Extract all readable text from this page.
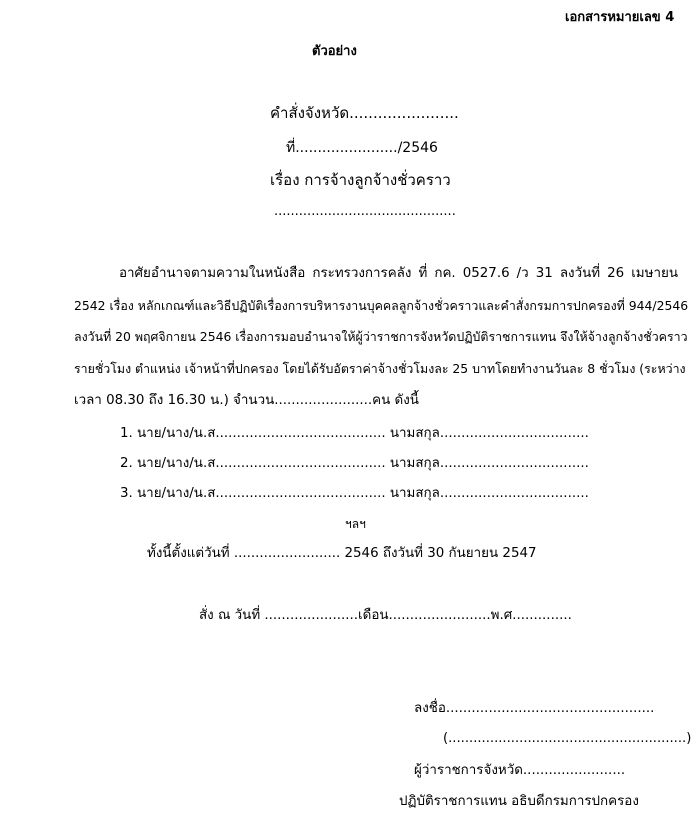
เอกสารหมายเลข 4
ตัวอย่าง
คำสั่งจังหวัด.......................
ที่......................./2546
เรื่อง การจ้างลูกจ้างชั่วคราว
............................................
อาศัยอำนาจตามความในหนังสือ กระทรวงการคลัง ที่ กค. 0527.6 /ว 31 ลงวันที่ 26 เมษายน
2542 เรื่อง หลักเกณฑ์และวิธีปฏิบัติเรื่องการบริหารงานบุคคลลูกจ้างชั่วคราวและคำสั่งกรมการปกครองที่ 944/2546
ลงวันที่ 20 พฤศจิกายน 2546 เรื่องการมอบอำนาจให้ผู้ว่าราชการจังหวัดปฏิบัติราชการแทน จึงให้จ้างลูกจ้างชั่วคราว
รายชั่วโมง ตำแหน่ง เจ้าหน้าที่ปกครอง โดยได้รับอัตราค่าจ้างชั่วโมงละ 25 บาทโดยทำงานวันละ 8 ชั่วโมง (ระหว่าง
เวลา 08.30 ถึง 16.30 น.) จำนวน.......................คน ดังนี้
1. นาย/นาง/น.ส........................................ นามสกุล...................................
2. นาย/นาง/น.ส........................................ นามสกุล...................................
3. นาย/นาง/น.ส........................................ นามสกุล...................................
ฯลฯ
ทั้งนี้ตั้งแต่วันที่ ......................... 2546 ถึงวันที่ 30 กันยายน 2547
สั่ง ณ วันที่ ......................เดือน........................พ.ศ..............
ลงชื่อ.................................................
(.........................................................)
ผู้ว่าราชการจังหวัด........................
ปฏิบัติราชการแทน อธิบดีกรมการปกครอง
